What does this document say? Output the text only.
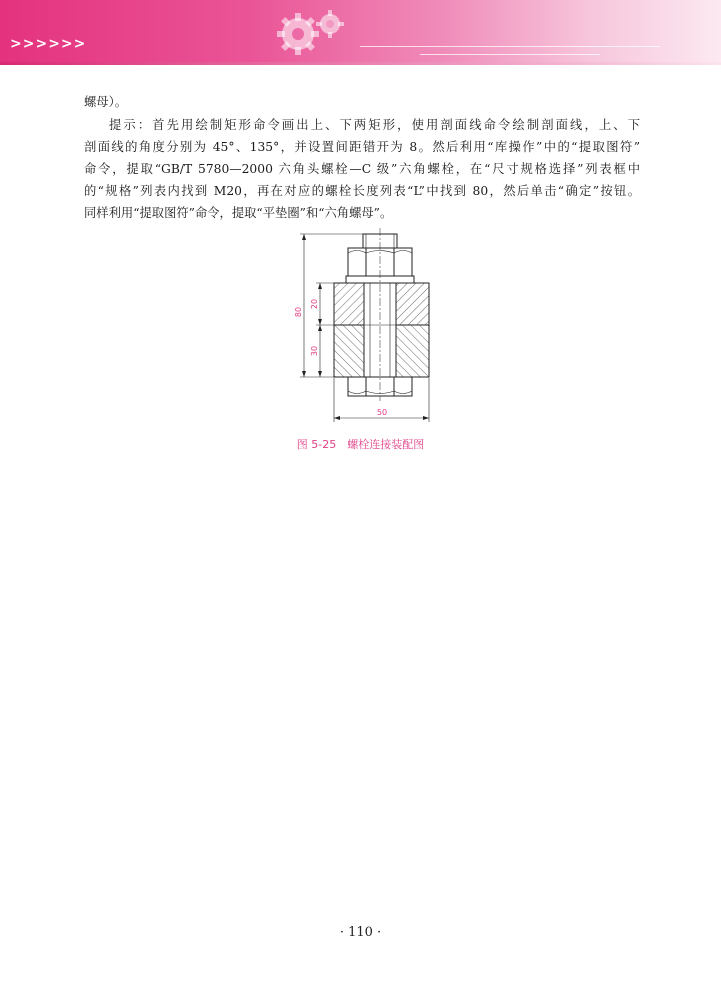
>>>>>>

螺母）。

提示：首先用绘制矩形命令画出上、下两矩形，使用剖面线命令绘制剖面线，上、下

剖面线的角度分别为 45°、135°，并设置间距错开为 8。然后利用“库操作”中的“提取图符”

命令，提取“GB/T 5780—2000 六角头螺栓—C 级”六角螺栓，在“尺寸规格选择”列表框中

的“规格”列表内找到 M20，再在对应的螺栓长度列表“L”中找到 80，然后单击“确定”按钮。

同样利用“提取图符”命令，提取“平垫圈”和“六角螺母”。

80
20
30
50
图 5-25　螺栓连接装配图
· 110 ·
